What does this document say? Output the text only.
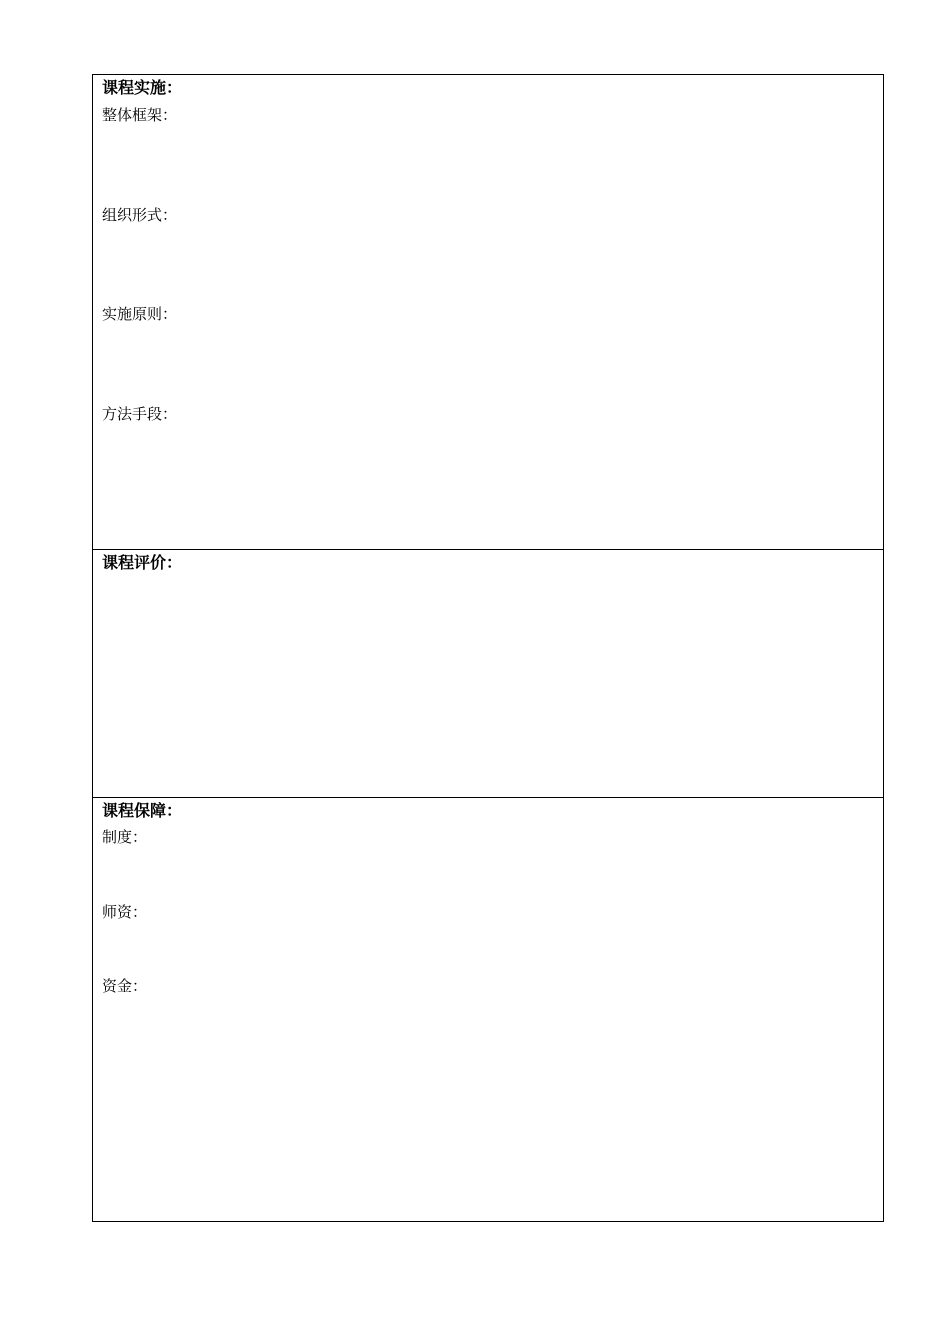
课程实施：
整体框架：
组织形式：
实施原则：
方法手段：
课程评价：
课程保障：
制度：
师资：
资金：
